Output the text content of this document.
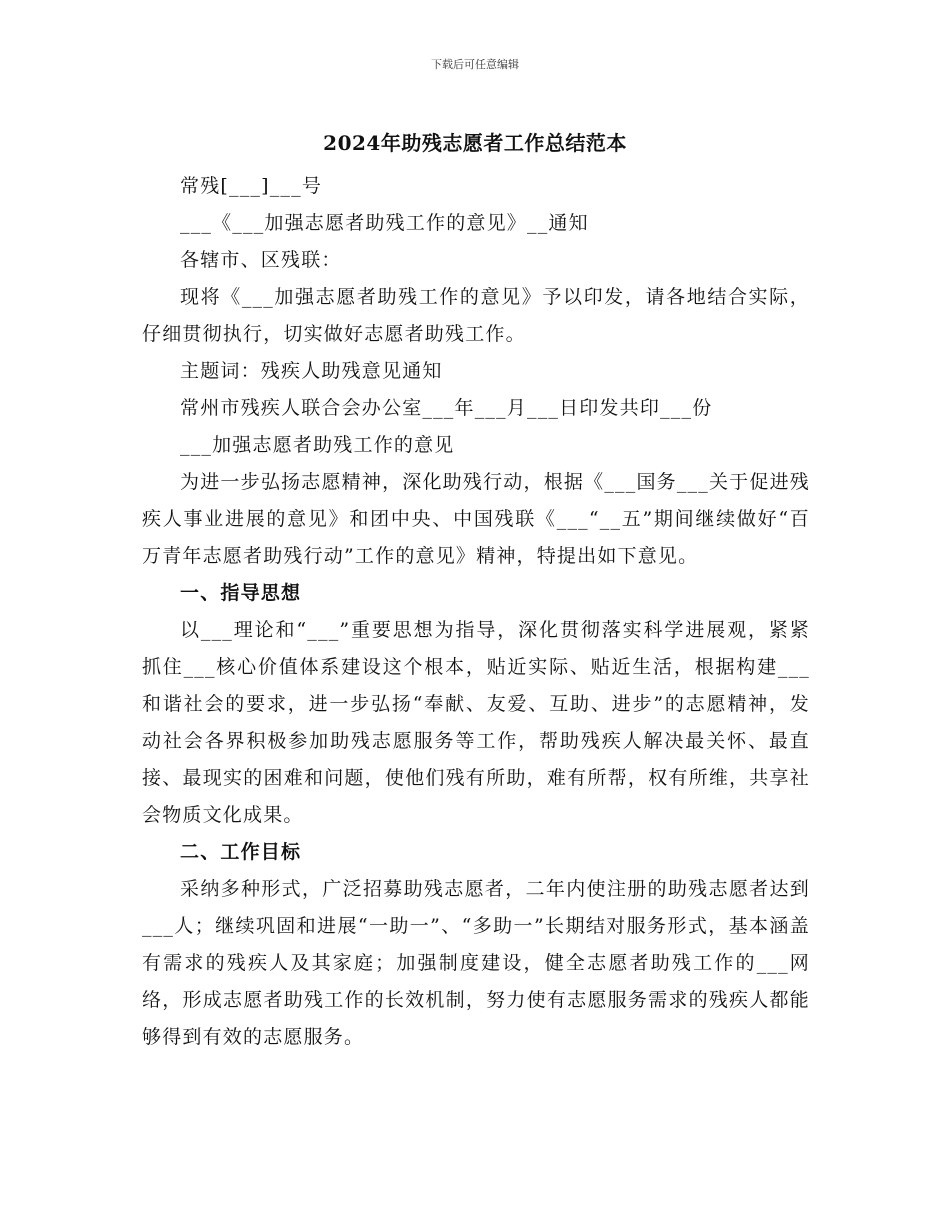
下载后可任意编辑
2024年助残志愿者工作总结范本

常残[___]___号

___《___加强志愿者助残工作的意见》__通知

各辖市、区残联：

现将《___加强志愿者助残工作的意见》予以印发，请各地结合实际，仔细贯彻执行，切实做好志愿者助残工作。

主题词：残疾人助残意见通知

常州市残疾人联合会办公室___年___月___日印发共印___份

___加强志愿者助残工作的意见

为进一步弘扬志愿精神，深化助残行动，根据《___国务___关于促进残疾人事业进展的意见》和团中央、中国残联《___“__五”期间继续做好“百万青年志愿者助残行动”工作的意见》精神，特提出如下意见。

一、指导思想

以___理论和“___”重要思想为指导，深化贯彻落实科学进展观，紧紧抓住___核心价值体系建设这个根本，贴近实际、贴近生活，根据构建___和谐社会的要求，进一步弘扬“奉献、友爱、互助、进步”的志愿精神，发动社会各界积极参加助残志愿服务等工作，帮助残疾人解决最关怀、最直接、最现实的困难和问题，使他们残有所助，难有所帮，权有所维，共享社会物质文化成果。

二、工作目标

采纳多种形式，广泛招募助残志愿者，二年内使注册的助残志愿者达到___人；继续巩固和进展“一助一”、“多助一”长期结对服务形式，基本涵盖有需求的残疾人及其家庭；加强制度建设，健全志愿者助残工作的___网络，形成志愿者助残工作的长效机制，努力使有志愿服务需求的残疾人都能够得到有效的志愿服务。
